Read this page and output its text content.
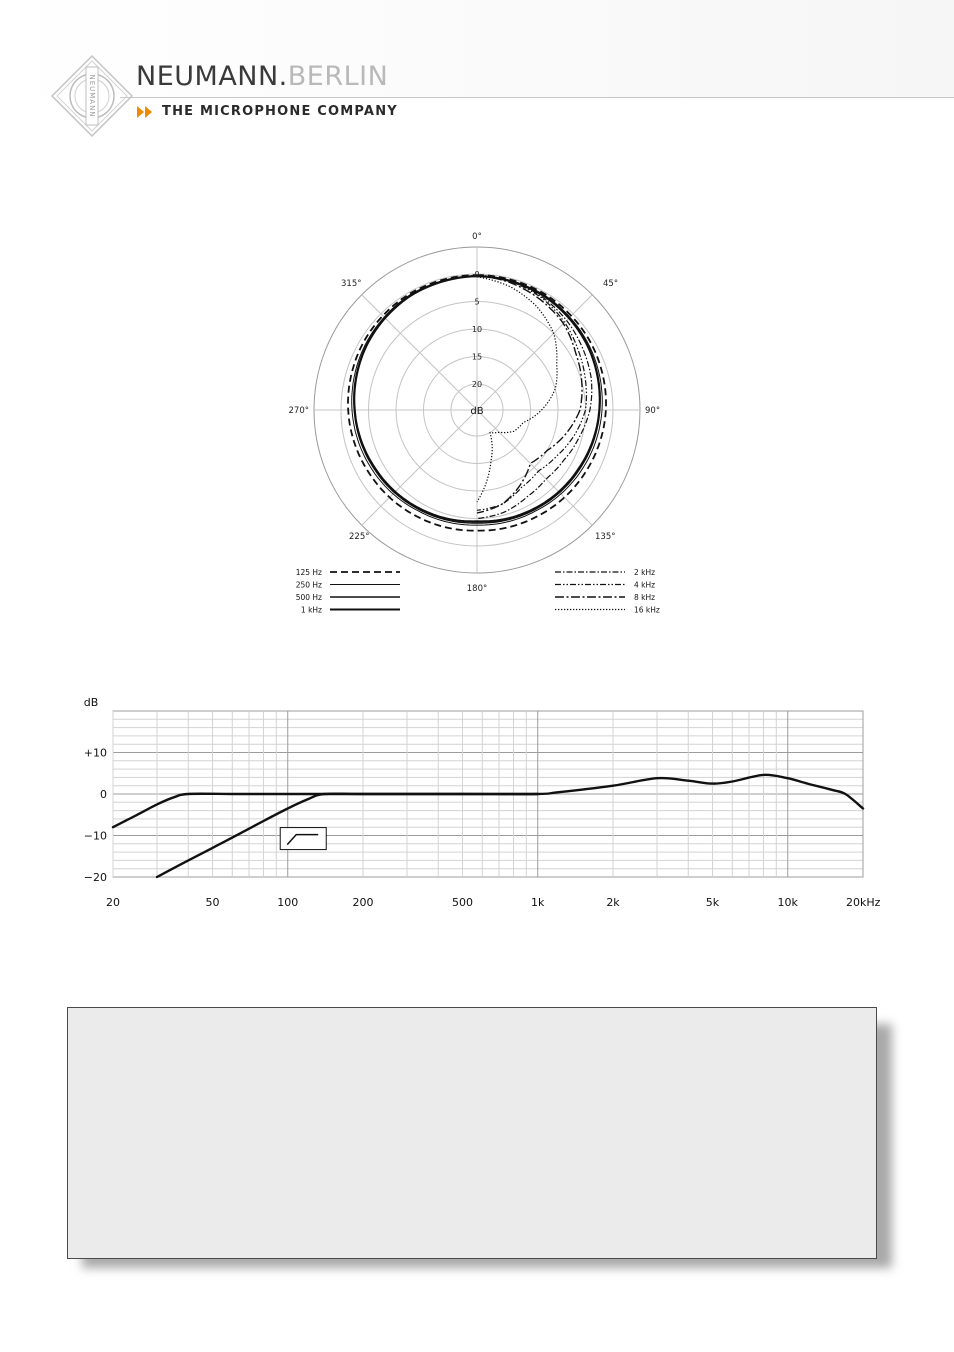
NEUMANN NEUMANN.BERLIN
THE MICROPHONE COMPANY
0
5
10
15
20
dB
0°
45°
90°
135°
180°
225°
270°
315°
125 Hz
250 Hz
500 Hz
1 kHz
2 kHz
4 kHz
8 kHz
16 kHz
dB
+10
0
−10
−20
20	50	100	200	500	1k	2k	5k	10k	20kHz
